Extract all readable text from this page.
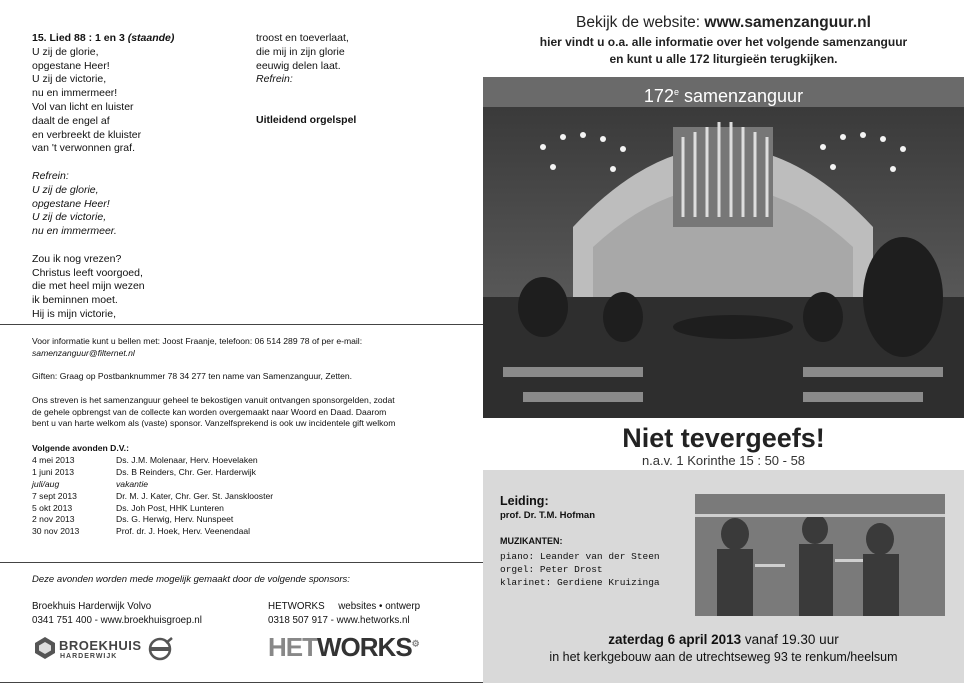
15. Lied 88 : 1 en 3 (staande)
U zij de glorie,
opgestane Heer!
U zij de victorie,
nu en immermeer!
Vol van licht en luister
daalt de engel af
en verbreekt de kluister
van 't verwonnen graf.
Refrein:
U zij de glorie,
opgestane Heer!
U zij de victorie,
nu en immermeer.
Zou ik nog vrezen?
Christus leeft voorgoed,
die met heel mijn wezen
ik beminnen moet.
Hij is mijn victorie,
troost en toeverlaat,
die mij in zijn glorie
eeuwig delen laat.
Refrein:
Uitleidend orgelspel
Voor informatie kunt u bellen met: Joost Fraanje, telefoon: 06 514 289 78 of per e-mail:
samenzanguur@filternet.nl
Giften: Graag op Postbanknummer 78 34 277 ten name van Samenzanguur, Zetten.
Ons streven is het samenzanguur geheel te bekostigen vanuit ontvangen sponsorgelden, zodat
de gehele opbrengst van de collecte kan worden overgemaakt naar Woord en Daad. Daarom
bent u van harte welkom als (vaste) sponsor. Vanzelfsprekend is ook uw incidentele gift welkom
Volgende avonden D.V.:
4 mei 2013	Ds. J.M. Molenaar, Herv. Hoevelaken
1 juni 2013	Ds. B Reinders, Chr. Ger. Harderwijk
juli/aug	vakantie
7 sept 2013	Dr. M. J. Kater, Chr. Ger. St. Jansklooster
5 okt 2013	Ds. Joh Post, HHK Lunteren
2 nov 2013	Ds. G. Herwig, Herv. Nunspeet
30 nov 2013	Prof. dr. J. Hoek, Herv. Veenendaal
Deze avonden worden mede mogelijk gemaakt door de volgende sponsors:
Broekhuis Harderwijk Volvo
0341 751 400 - www.broekhuisgroep.nl
HETWORKS     websites • ontwerp
0318 507 917 - www.hetworks.nl
BROEKHUIS
HARDERWIJK	HETWORKS⚙
Bekijk de website: www.samenzanguur.nl
hier vindt u o.a. alle informatie over het volgende samenzanguur
en kunt u alle 172 liturgieën terugkijken.
172e samenzanguur
Niet tevergeefs!
n.a.v. 1 Korinthe 15 : 50 - 58
Leiding:
prof. Dr. T.M. Hofman
MUZIKANTEN:
piano: Leander van der Steen
orgel: Peter Drost
klarinet: Gerdiene Kruizinga
zaterdag 6 april 2013 vanaf 19.30 uur
in het kerkgebouw aan de utrechtseweg 93 te renkum/heelsum
